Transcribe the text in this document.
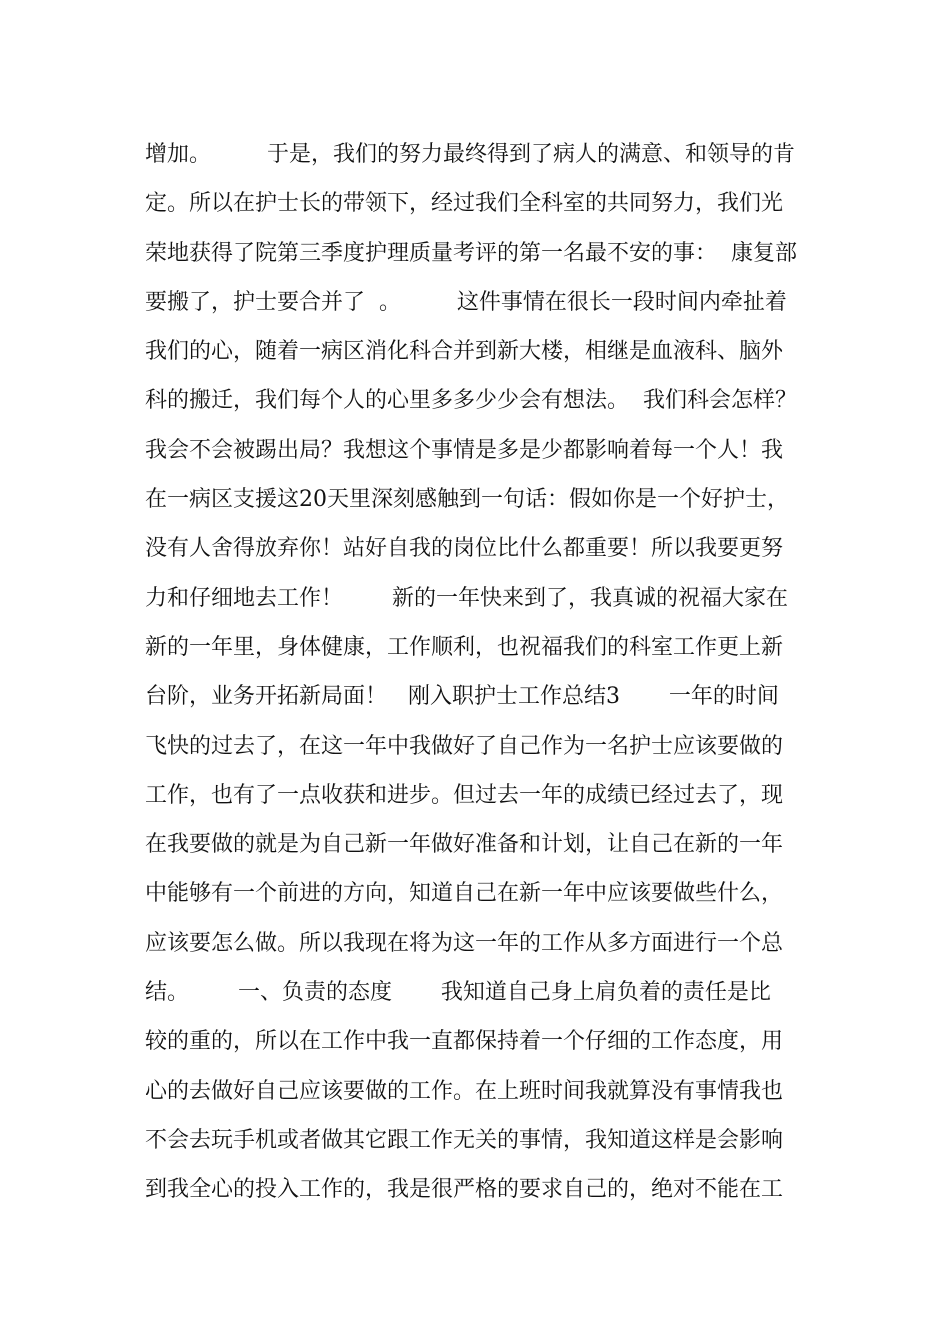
增加。        于是，我们的努力最终得到了病人的满意、和领导的肯
定。所以在护士长的带领下，经过我们全科室的共同努力，我们光
荣地获得了院第三季度护理质量考评的第一名最不安的事：  康复部
要搬了，护士要合并了  。        这件事情在很长一段时间内牵扯着
我们的心，随着一病区消化科合并到新大楼，相继是血液科、脑外
科的搬迁，我们每个人的心里多多少少会有想法。  我们科会怎样？
我会不会被踢出局？我想这个事情是多是少都影响着每一个人！我
在一病区支援这20天里深刻感触到一句话：假如你是一个好护士，
没有人舍得放弃你！站好自我的岗位比什么都重要！所以我要更努
力和仔细地去工作！       新的一年快来到了，我真诚的祝福大家在
新的一年里，身体健康，工作顺利，也祝福我们的科室工作更上新
台阶，业务开拓新局面！   刚入职护士工作总结3       一年的时间
飞快的过去了，在这一年中我做好了自己作为一名护士应该要做的
工作，也有了一点收获和进步。但过去一年的成绩已经过去了，现
在我要做的就是为自己新一年做好准备和计划，让自己在新的一年
中能够有一个前进的方向，知道自己在新一年中应该要做些什么，
应该要怎么做。所以我现在将为这一年的工作从多方面进行一个总
结。       一、负责的态度       我知道自己身上肩负着的责任是比
较的重的，所以在工作中我一直都保持着一个仔细的工作态度，用
心的去做好自己应该要做的工作。在上班时间我就算没有事情我也
不会去玩手机或者做其它跟工作无关的事情，我知道这样是会影响
到我全心的投入工作的，我是很严格的要求自己的，绝对不能在工
